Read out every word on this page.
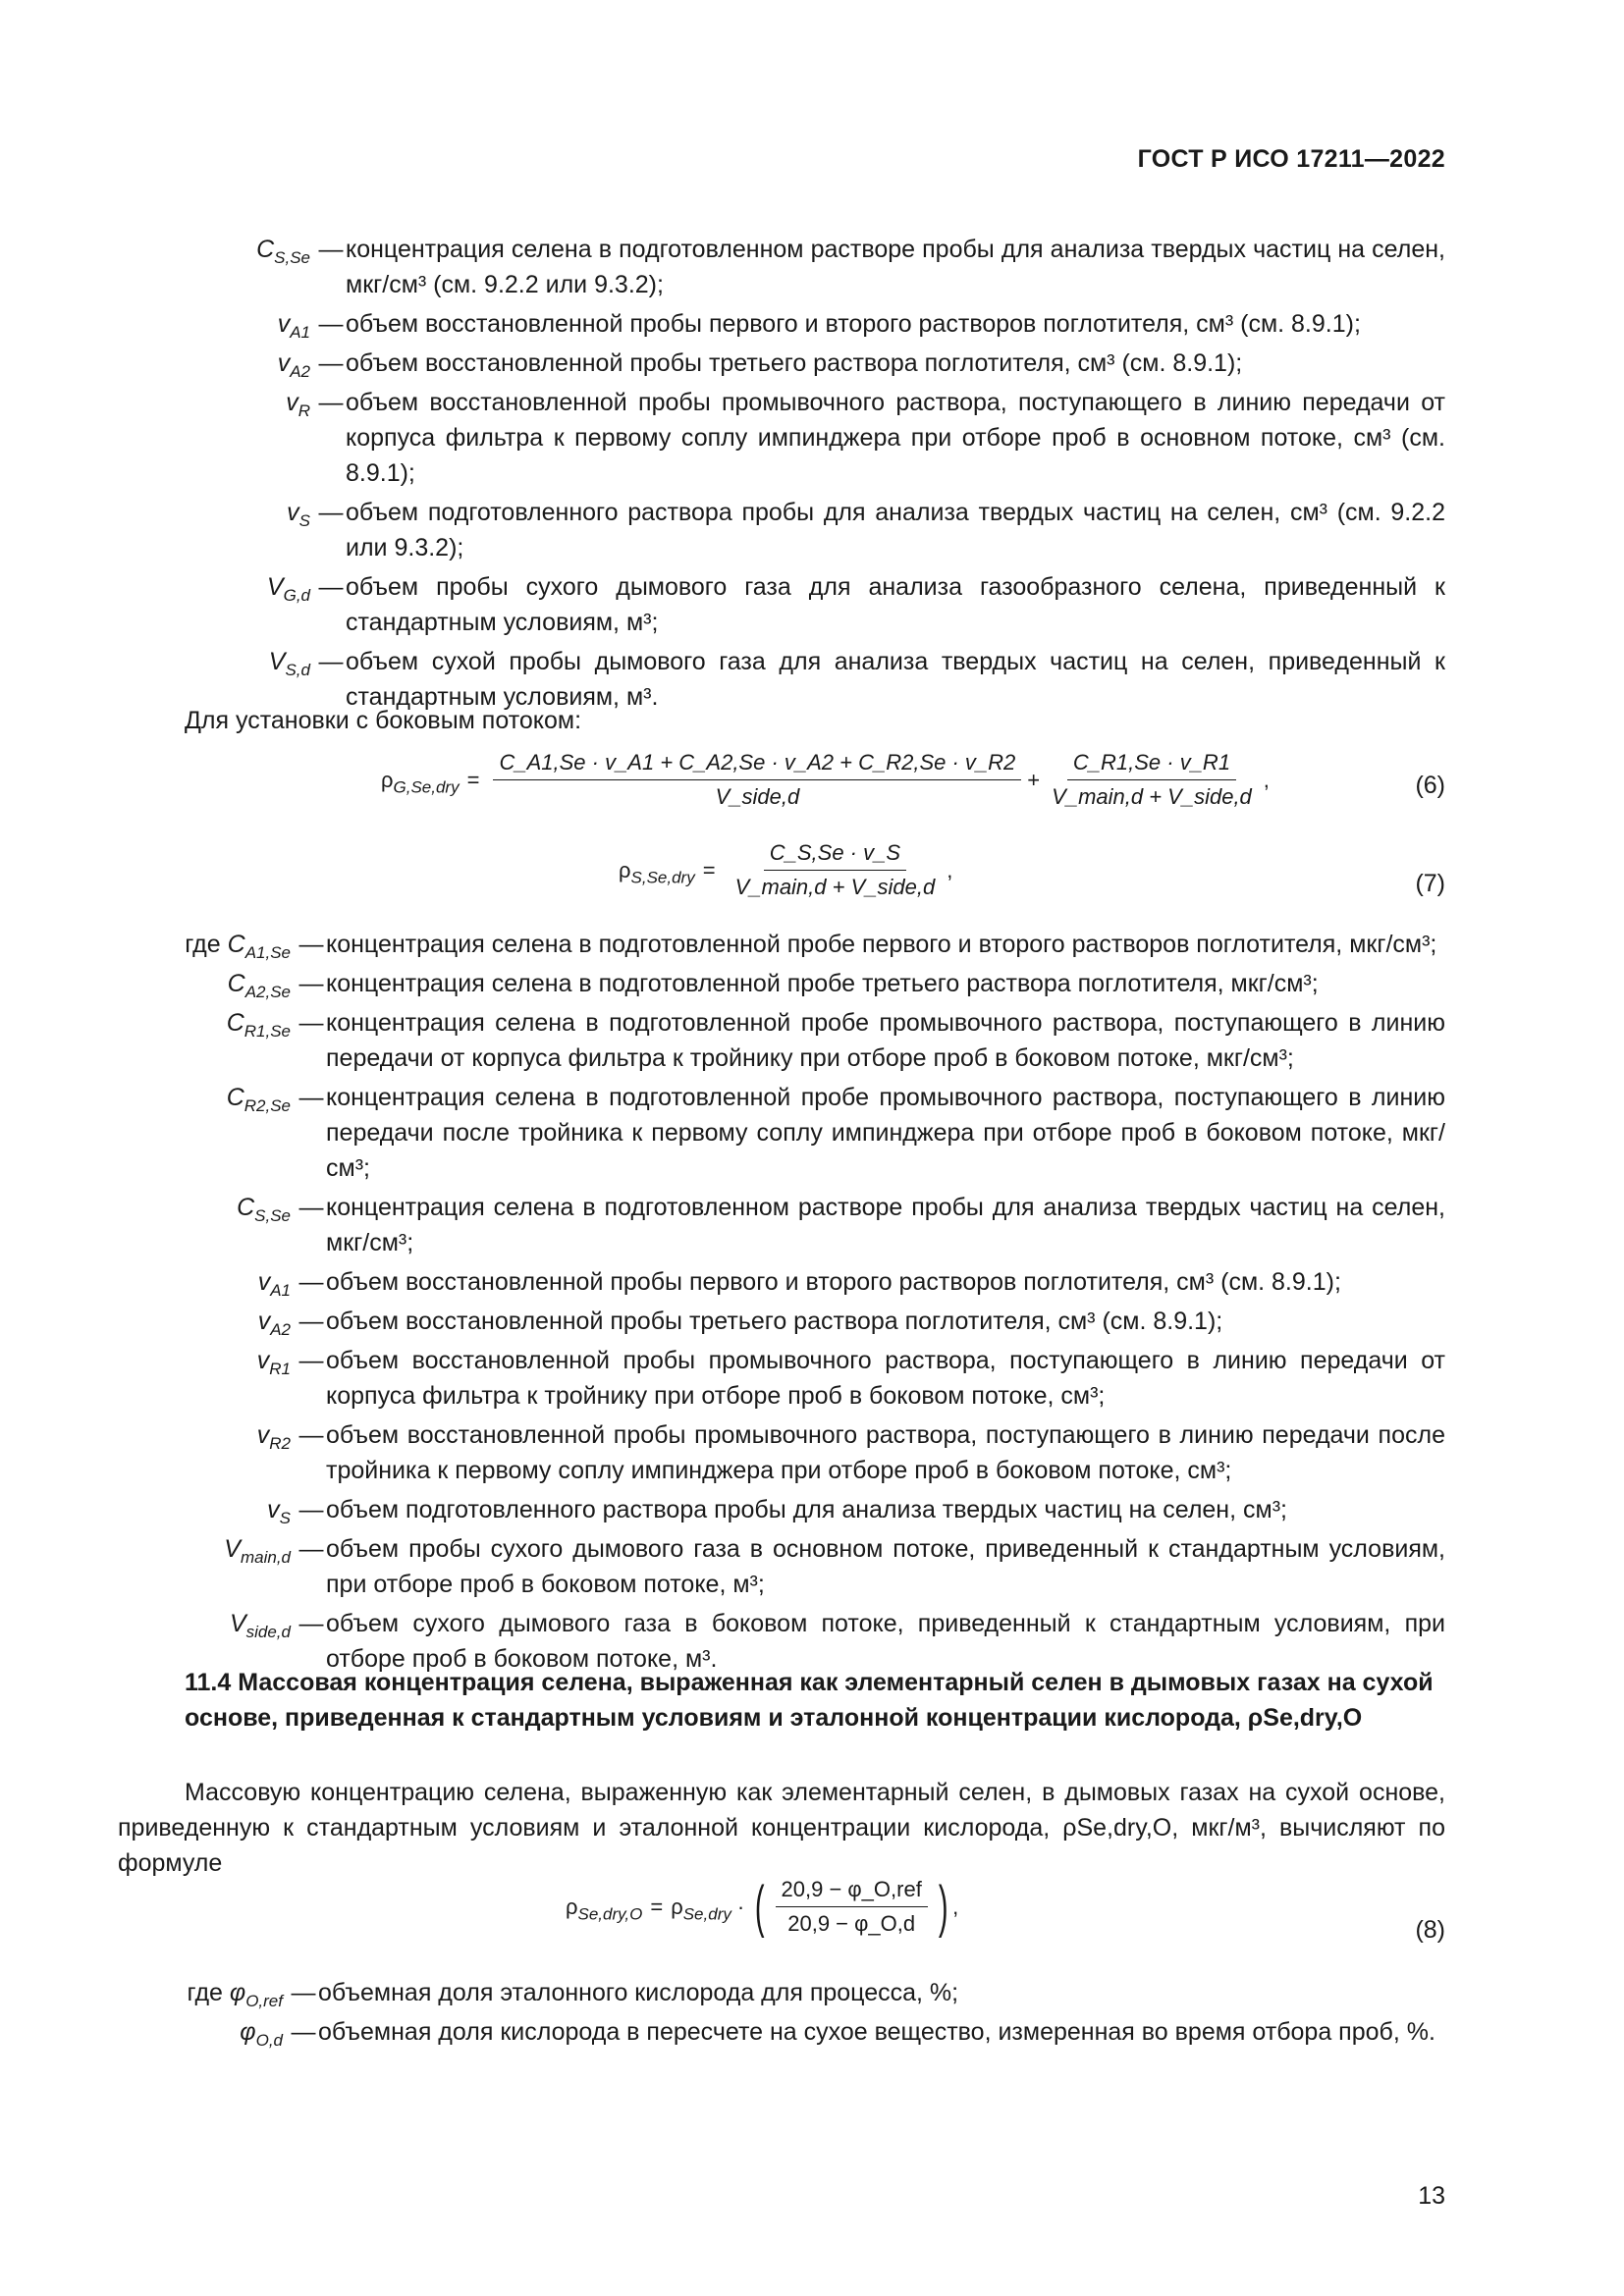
ГОСТ Р ИСО 17211—2022
$C_{S,Se}$ — концентрация селена в подготовленном растворе пробы для анализа твердых частиц на селен, мкг/см³ (см. 9.2.2 или 9.3.2);
$v_{A1}$ — объем восстановленной пробы первого и второго растворов поглотителя, см³ (см. 8.9.1);
$v_{A2}$ — объем восстановленной пробы третьего раствора поглотителя, см³ (см. 8.9.1);
$v_R$ — объем восстановленной пробы промывочного раствора, поступающего в линию передачи от корпуса фильтра к первому соплу импинджера при отборе проб в основном потоке, см³ (см. 8.9.1);
$v_S$ — объем подготовленного раствора пробы для анализа твердых частиц на селен, см³ (см. 9.2.2 или 9.3.2);
$V_{G,d}$ — объем пробы сухого дымового газа для анализа газообразного селена, приведенный к стандартным условиям, м³;
$V_{S,d}$ — объем сухой пробы дымового газа для анализа твердых частиц на селен, приведенный к стандартным условиям, м³.
Для установки с боковым потоком:
$\rho_{G,Se,dry} = \frac{C\_A1,Se \cdot v\_A1 + C\_A2,Se \cdot v\_A2 + C\_R2,Se \cdot v\_R2}{\text{V\_side,d}} + \frac{C\_R1,Se \cdot v\_R1}{\text{V\_main,d + V\_side,d}}$ ,	(6)
$\rho_{S,Se,dry} = \frac{C\_S,Se \cdot v\_S}{\text{V\_main,d + V\_side,d}}$ ,	(7)
где $C_{A1,Se}$ — концентрация селена в подготовленной пробе первого и второго растворов поглотителя, мкг/см³;
$C_{A2,Se}$ — концентрация селена в подготовленной пробе третьего раствора поглотителя, мкг/см³;
$C_{R1,Se}$ — концентрация селена в подготовленной пробе промывочного раствора, поступающего в линию передачи от корпуса фильтра к тройнику при отборе проб в боковом потоке, мкг/см³;
$C_{R2,Se}$ — концентрация селена в подготовленной пробе промывочного раствора, поступающего в линию передачи после тройника к первому соплу импинджера при отборе проб в боковом потоке, мкг/см³;
$C_{S,Se}$ — концентрация селена в подготовленном растворе пробы для анализа твердых частиц на селен, мкг/см³;
$v_{A1}$ — объем восстановленной пробы первого и второго растворов поглотителя, см³ (см. 8.9.1);
$v_{A2}$ — объем восстановленной пробы третьего раствора поглотителя, см³ (см. 8.9.1);
$v_{R1}$ — объем восстановленной пробы промывочного раствора, поступающего в линию передачи от корпуса фильтра к тройнику при отборе проб в боковом потоке, см³;
$v_{R2}$ — объем восстановленной пробы промывочного раствора, поступающего в линию передачи после тройника к первому соплу импинджера при отборе проб в боковом потоке, см³;
$v_S$ — объем подготовленного раствора пробы для анализа твердых частиц на селен, см³;
$V_{main,d}$ — объем пробы сухого дымового газа в основном потоке, приведенный к стандартным условиям, при отборе проб в боковом потоке, м³;
$V_{side,d}$ — объем сухого дымового газа в боковом потоке, приведенный к стандартным условиям, при отборе проб в боковом потоке, м³.
11.4 Массовая концентрация селена, выраженная как элементарный селен в дымовых газах на сухой основе, приведенная к стандартным условиям и эталонной концентрации кислорода, ρSe,dry,O
Массовую концентрацию селена, выраженную как элементарный селен, в дымовых газах на сухой основе, приведенную к стандартным условиям и эталонной концентрации кислорода, ρSe,dry,O, мкг/м³, вычисляют по формуле
$\rho_{Se,dry,O} = \rho_{Se,dry}$ · ( $\frac{\text{20,9 − φ\_O,ref}}{20,9 - \varphi\_O,d}$ ) ,
(8)
где $\varphi_{O,ref}$ — объемная доля эталонного кислорода для процесса, %;
$\varphi_{O,d}$ — объемная доля кислорода в пересчете на сухое вещество, измеренная во время отбора проб, %.
13
